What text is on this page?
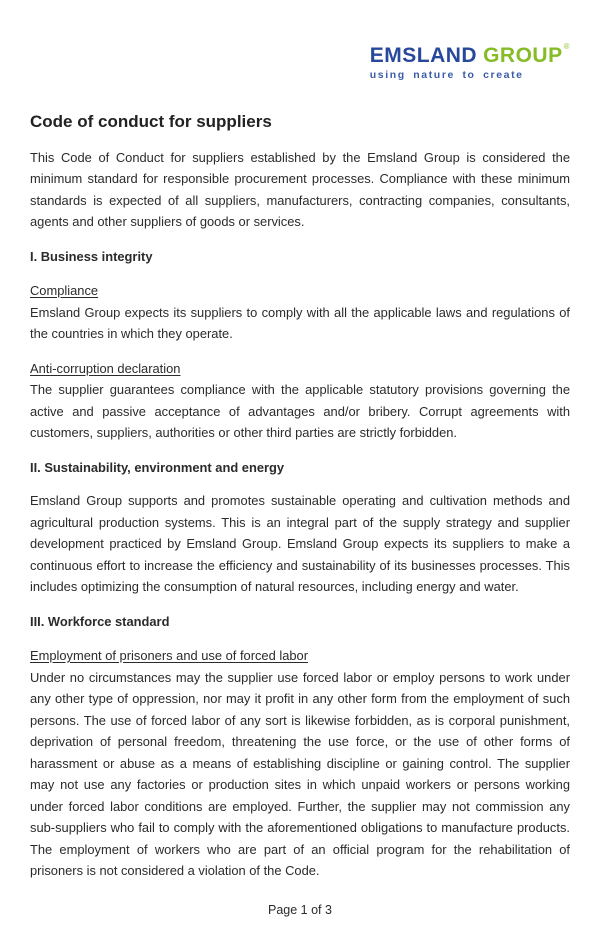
EMSLAND GROUP®
using nature to create
Code of conduct for suppliers

This Code of Conduct for suppliers established by the Emsland Group is considered the minimum standard for responsible procurement processes. Compliance with these minimum standards is expected of all suppliers, manufacturers, contracting companies, consultants, agents and other suppliers of goods or services.

I. Business integrity
Compliance

Emsland Group expects its suppliers to comply with all the applicable laws and regulations of the countries in which they operate.

Anti-corruption declaration

The supplier guarantees compliance with the applicable statutory provisions governing the active and passive acceptance of advantages and/or bribery. Corrupt agreements with customers, suppliers, authorities or other third parties are strictly forbidden.

II. Sustainability, environment and energy

Emsland Group supports and promotes sustainable operating and cultivation methods and agricultural production systems. This is an integral part of the supply strategy and supplier development practiced by Emsland Group. Emsland Group expects its suppliers to make a continuous effort to increase the efficiency and sustainability of its businesses processes. This includes optimizing the consumption of natural resources, including energy and water.

III. Workforce standard
Employment of prisoners and use of forced labor

Under no circumstances may the supplier use forced labor or employ persons to work under any other type of oppression, nor may it profit in any other form from the employment of such persons. The use of forced labor of any sort is likewise forbidden, as is corporal punishment, deprivation of personal freedom, threatening the use force, or the use of other forms of harassment or abuse as a means of establishing discipline or gaining control. The supplier may not use any factories or production sites in which unpaid workers or persons working under forced labor conditions are employed. Further, the supplier may not commission any sub-suppliers who fail to comply with the aforementioned obligations to manufacture products. The employment of workers who are part of an official program for the rehabilitation of prisoners is not considered a violation of the Code.

Page 1 of 3
